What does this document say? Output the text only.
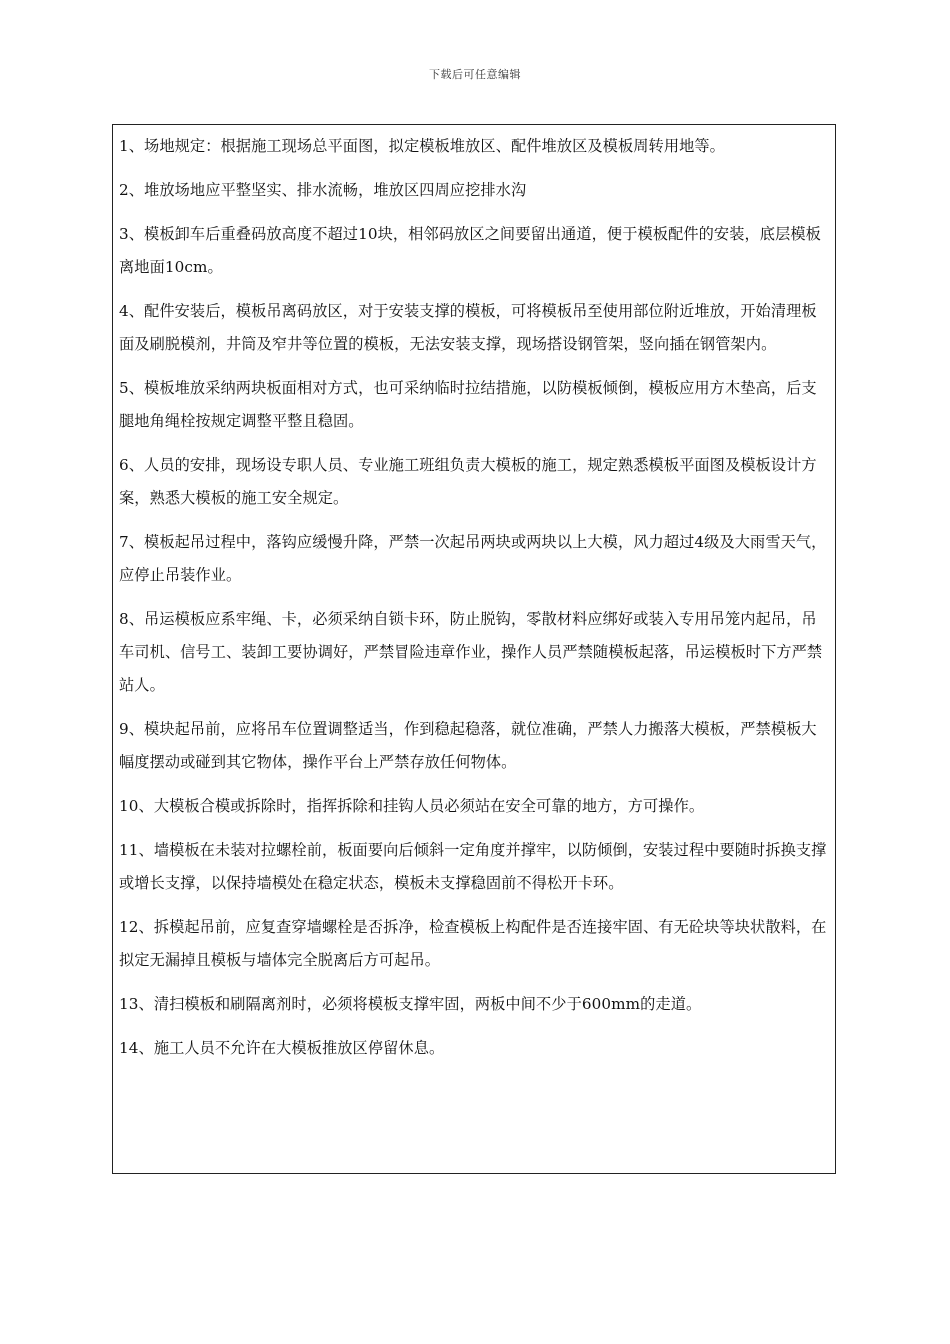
下载后可任意编辑

1、场地规定：根据施工现场总平面图，拟定模板堆放区、配件堆放区及模板周转用地等。

2、堆放场地应平整坚实、排水流畅，堆放区四周应挖排水沟

3、模板卸车后重叠码放高度不超过10块，相邻码放区之间要留出通道，便于模板配件的安装，底层模板离地面10cm。

4、配件安装后，模板吊离码放区，对于安装支撑的模板，可将模板吊至使用部位附近堆放，开始清理板面及刷脱模剂，井筒及窄井等位置的模板，无法安装支撑，现场搭设钢管架，竖向插在钢管架内。

5、模板堆放采纳两块板面相对方式，也可采纳临时拉结措施，以防模板倾倒，模板应用方木垫高，后支腿地角绳栓按规定调整平整且稳固。

6、人员的安排，现场设专职人员、专业施工班组负责大模板的施工，规定熟悉模板平面图及模板设计方案，熟悉大模板的施工安全规定。

7、模板起吊过程中，落钩应缓慢升降，严禁一次起吊两块或两块以上大模，风力超过4级及大雨雪天气，应停止吊装作业。

8、吊运模板应系牢绳、卡，必须采纳自锁卡环，防止脱钩，零散材料应绑好或装入专用吊笼内起吊，吊车司机、信号工、装卸工要协调好，严禁冒险违章作业，操作人员严禁随模板起落，吊运模板时下方严禁站人。

9、模块起吊前，应将吊车位置调整适当，作到稳起稳落，就位准确，严禁人力搬落大模板，严禁模板大幅度摆动或碰到其它物体，操作平台上严禁存放任何物体。

10、大模板合模或拆除时，指挥拆除和挂钩人员必须站在安全可靠的地方，方可操作。

11、墙模板在未装对拉螺栓前，板面要向后倾斜一定角度并撑牢，以防倾倒，安装过程中要随时拆换支撑或增长支撑，以保持墙模处在稳定状态，模板未支撑稳固前不得松开卡环。

12、拆模起吊前，应复查穿墙螺栓是否拆净，检查模板上构配件是否连接牢固、有无砼块等块状散料，在拟定无漏掉且模板与墙体完全脱离后方可起吊。

13、清扫模板和刷隔离剂时，必须将模板支撑牢固，两板中间不少于600mm的走道。

14、施工人员不允许在大模板推放区停留休息。
